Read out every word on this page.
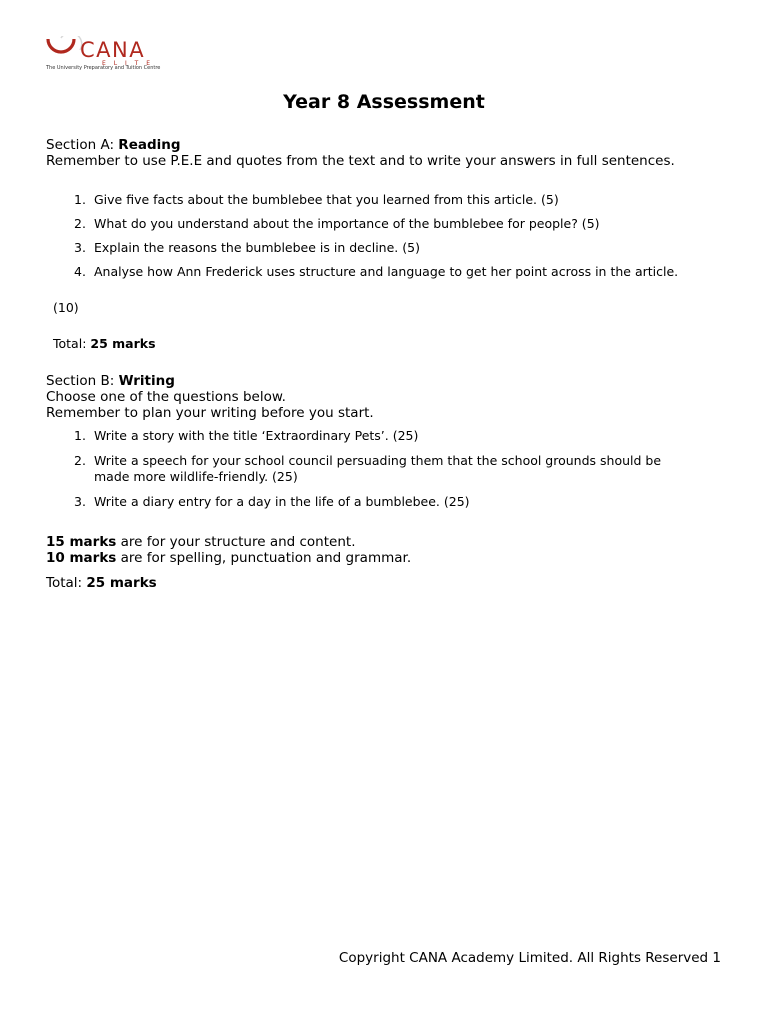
CANA
E L I T E
The University Preparatory and Tuition Centre
Year 8 Assessment

Section A: Reading

Remember to use P.E.E and quotes from the text and to write your answers in full sentences.

1. Give five facts about the bumblebee that you learned from this article. (5)
2. What do you understand about the importance of the bumblebee for people? (5)
3. Explain the reasons the bumblebee is in decline. (5)
4. Analyse how Ann Frederick uses structure and language to get her point across in the article.
(10)
Total: 25 marks

Section B: Writing

Choose one of the questions below.

Remember to plan your writing before you start.

1. Write a story with the title ‘Extraordinary Pets’. (25)
2. Write a speech for your school council persuading them that the school grounds should be made more wildlife-friendly. (25)
3. Write a diary entry for a day in the life of a bumblebee. (25)

15 marks are for your structure and content.

10 marks are for spelling, punctuation and grammar.

Total: 25 marks
Copyright CANA Academy Limited. All Rights Reserved 1
